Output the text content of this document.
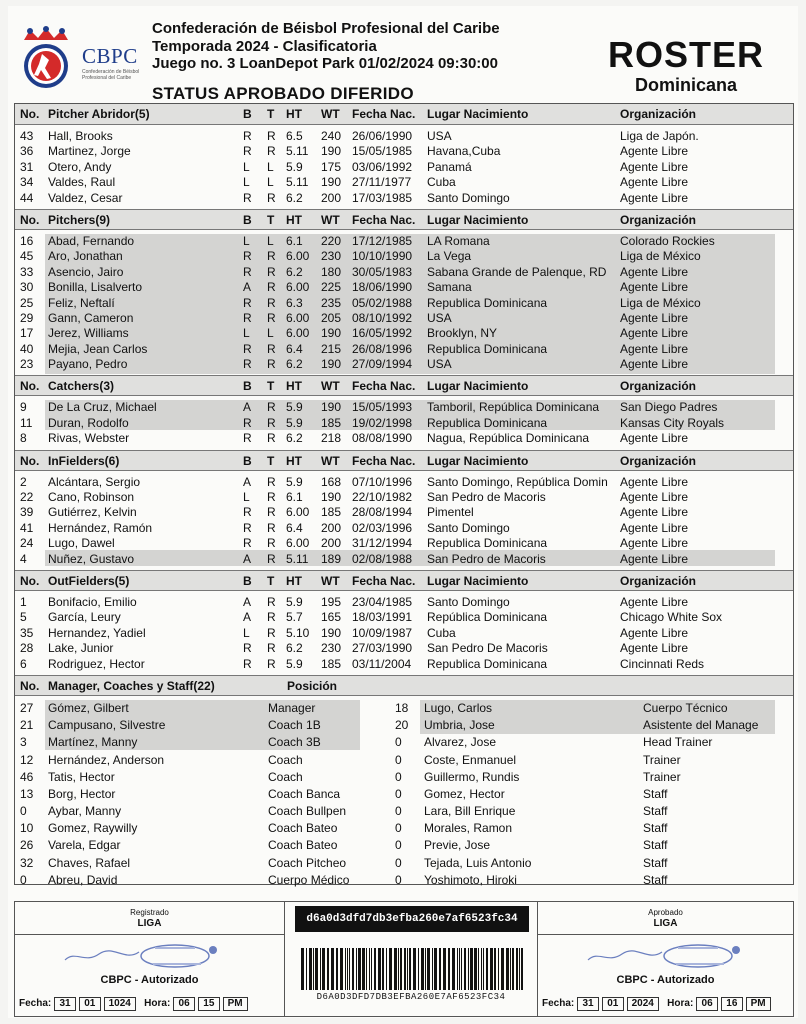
CBPC
Confederación de Béisbol Profesional del Caribe
Confederación de Béisbol Profesional del Caribe
Temporada 2024 - Clasificatoria
Juego no. 3 LoanDepot Park 01/02/2024 09:30:00
STATUS APROBADO DIFERIDO
ROSTER
Dominicana
No. Pitcher Abridor(5)	B T HT WT Fecha Nac. Lugar Nacimiento	Organización
43 Hall, Brooks	R R 6.5 240 26/06/1990 USA	Liga de Japón.
36 Martinez, Jorge	R R 5.11 190 15/05/1985 Havana,Cuba	Agente Libre
31 Otero, Andy	L L 5.9 175 03/06/1992 Panamá	Agente Libre
34 Valdes, Raul	L L 5.11 190 27/11/1977 Cuba	Agente Libre
44 Valdez, Cesar	R R 6.2 200 17/03/1985 Santo Domingo	Agente Libre
No. Pitchers(9)	B T HT WT Fecha Nac. Lugar Nacimiento	Organización
16 Abad, Fernando	L L 6.1 220 17/12/1985 LA Romana	Colorado Rockies
45 Aro, Jonathan	R R 6.00 230 10/10/1990 La Vega	Liga de México
33 Asencio, Jairo	R R 6.2 180 30/05/1983 Sabana Grande de Palenque, RD	Agente Libre
30 Bonilla, Lisalverto	A R 6.00 225 18/06/1990 Samana	Agente Libre
25 Feliz, Neftalí	R R 6.3 235 05/02/1988 Republica Dominicana	Liga de México
29 Gann, Cameron	R R 6.00 205 08/10/1992 USA	Agente Libre
17 Jerez, Williams	L L 6.00 190 16/05/1992 Brooklyn, NY	Agente Libre
40 Mejia, Jean Carlos	R R 6.4 215 26/08/1996 Republica Dominicana	Agente Libre
23 Payano, Pedro	R R 6.2 190 27/09/1994 USA	Agente Libre
No. Catchers(3)	B T HT WT Fecha Nac. Lugar Nacimiento	Organización
9 De La Cruz, Michael	A R 5.9 190 15/05/1993 Tamboril, República Dominicana	San Diego Padres
11 Duran, Rodolfo	R R 5.9 185 19/02/1998 Republica Dominicana	Kansas City Royals
8 Rivas, Webster	R R 6.2 218 08/08/1990 Nagua, República Dominicana	Agente Libre
No. InFielders(6)	B T HT WT Fecha Nac. Lugar Nacimiento	Organización
2 Alcántara, Sergio	A R 5.9 168 07/10/1996 Santo Domingo, República Domin	Agente Libre
22 Cano, Robinson	L R 6.1 190 22/10/1982 San Pedro de Macoris	Agente Libre
39 Gutiérrez, Kelvin	R R 6.00 185 28/08/1994 Pimentel	Agente Libre
41 Hernández, Ramón	R R 6.4 200 02/03/1996 Santo Domingo	Agente Libre
24 Lugo, Dawel	R R 6.00 200 31/12/1994 Republica Dominicana	Agente Libre
4 Nuñez, Gustavo	A R 5.11 189 02/08/1988 San Pedro de Macoris	Agente Libre
No. OutFielders(5)	B T HT WT Fecha Nac. Lugar Nacimiento	Organización
1 Bonifacio, Emilio	A R 5.9 195 23/04/1985 Santo Domingo	Agente Libre
5 García, Leury	A R 5.7 165 18/03/1991 República Dominicana	Chicago White Sox
35 Hernandez, Yadiel	L R 5.10 190 10/09/1987 Cuba	Agente Libre
28 Lake, Junior	R R 6.2 230 27/03/1990 San Pedro De Macoris	Agente Libre
6 Rodriguez, Hector	R R 5.9 185 03/11/2004 Republica Dominicana	Cincinnati Reds
No. Manager, Coaches y Staff(22)	Posición
27 Gómez, Gilbert	Manager	18 Lugo, Carlos	Cuerpo Técnico
21 Campusano, Silvestre	Coach 1B	20 Umbria, Jose	Asistente del Manage
3 Martínez, Manny	Coach 3B	0 Alvarez, Jose	Head Trainer
12 Hernández, Anderson	Coach	0 Coste, Enmanuel	Trainer
46 Tatis, Hector	Coach	0 Guillermo, Rundis	Trainer
13 Borg, Hector	Coach Banca	0 Gomez, Hector	Staff
0 Aybar, Manny	Coach Bullpen	0 Lara, Bill Enrique	Staff
10 Gomez, Raywilly	Coach Bateo	0 Morales, Ramon	Staff
26 Varela, Edgar	Coach Bateo	0 Previe, Jose	Staff
32 Chaves, Rafael	Coach Pitcheo	0 Tejada, Luis Antonio	Staff
0 Abreu, David	Cuerpo Médico	0 Yoshimoto, Hiroki	Staff
Registrado
LIGA
CBPC - Autorizado
Fecha: 31 01 1024 Hora: 06 15 PM
d6a0d3dfd7db3efba260e7af6523fc34
D6A0D3DFD7DB3EFBA260E7AF6523FC34
Aprobado
LIGA
CBPC - Autorizado
Fecha: 31 01 2024 Hora: 06 16 PM
